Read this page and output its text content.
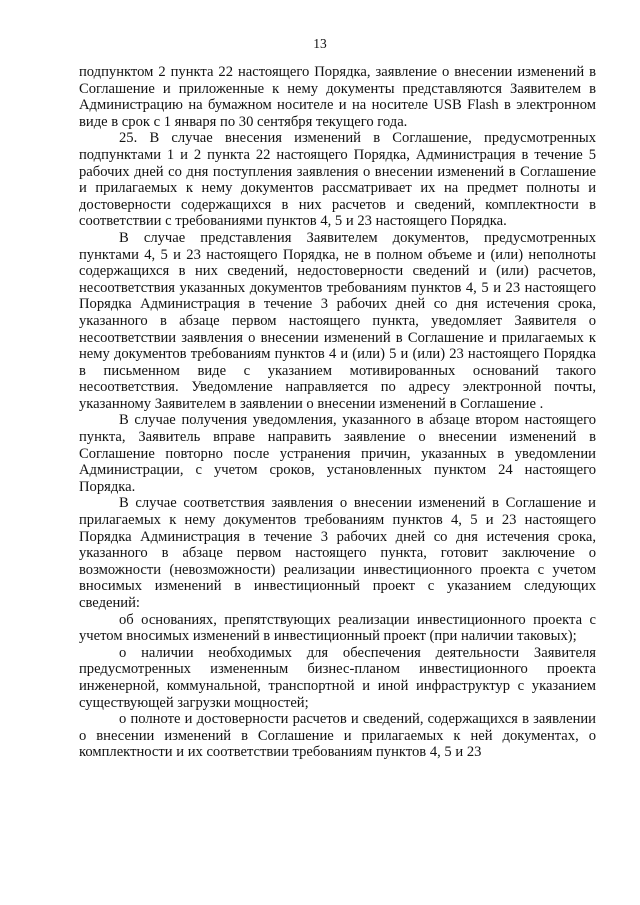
13

подпунктом 2 пункта 22 настоящего Порядка, заявление о внесении изменений в Соглашение и приложенные к нему документы представляются Заявителем в Администрацию на бумажном носителе и на носителе USB Flash в электронном виде в срок с 1 января по 30 сентября текущего года.

25. В случае внесения изменений в Соглашение, предусмотренных подпунктами 1 и 2 пункта 22 настоящего Порядка, Администрация в течение 5 рабочих дней со дня поступления заявления о внесении изменений в Соглашение и прилагаемых к нему документов рассматривает их на предмет полноты и достоверности содержащихся в них расчетов и сведений, комплектности в соответствии с требованиями пунктов 4, 5 и 23 настоящего Порядка.

В случае представления Заявителем документов, предусмотренных пунктами 4, 5 и 23 настоящего Порядка, не в полном объеме и (или) неполноты содержащихся в них сведений, недостоверности сведений и (или) расчетов, несоответствия указанных документов требованиям пунктов 4, 5 и 23 настоящего Порядка Администрация в течение 3 рабочих дней со дня истечения срока, указанного в абзаце первом настоящего пункта, уведомляет Заявителя о несоответствии заявления о внесении изменений в Соглашение и прилагаемых к нему документов требованиям пунктов 4 и (или) 5 и (или) 23 настоящего Порядка в письменном виде с указанием мотивированных оснований такого несоответствия. Уведомление направляется по адресу электронной почты, указанному Заявителем в заявлении о внесении изменений в Соглашение .

В случае получения уведомления, указанного в абзаце втором настоящего пункта, Заявитель вправе направить заявление о внесении изменений в Соглашение повторно после устранения причин, указанных в уведомлении Администрации, с учетом сроков, установленных пунктом 24 настоящего Порядка.

В случае соответствия заявления о внесении изменений в Соглашение и прилагаемых к нему документов требованиям пунктов 4, 5 и 23 настоящего Порядка Администрация в течение 3 рабочих дней со дня истечения срока, указанного в абзаце первом настоящего пункта, готовит заключение о возможности (невозможности) реализации инвестиционного проекта с учетом вносимых изменений в инвестиционный проект с указанием следующих сведений:

об основаниях, препятствующих реализации инвестиционного проекта с учетом вносимых изменений в инвестиционный проект (при наличии таковых);

о наличии необходимых для обеспечения деятельности Заявителя предусмотренных измененным бизнес-планом инвестиционного проекта инженерной, коммунальной, транспортной и иной инфраструктур с указанием существующей загрузки мощностей;

о полноте и достоверности расчетов и сведений, содержащихся в заявлении о внесении изменений в Соглашение и прилагаемых к ней документах, о комплектности и их соответствии требованиям пунктов 4, 5 и 23
